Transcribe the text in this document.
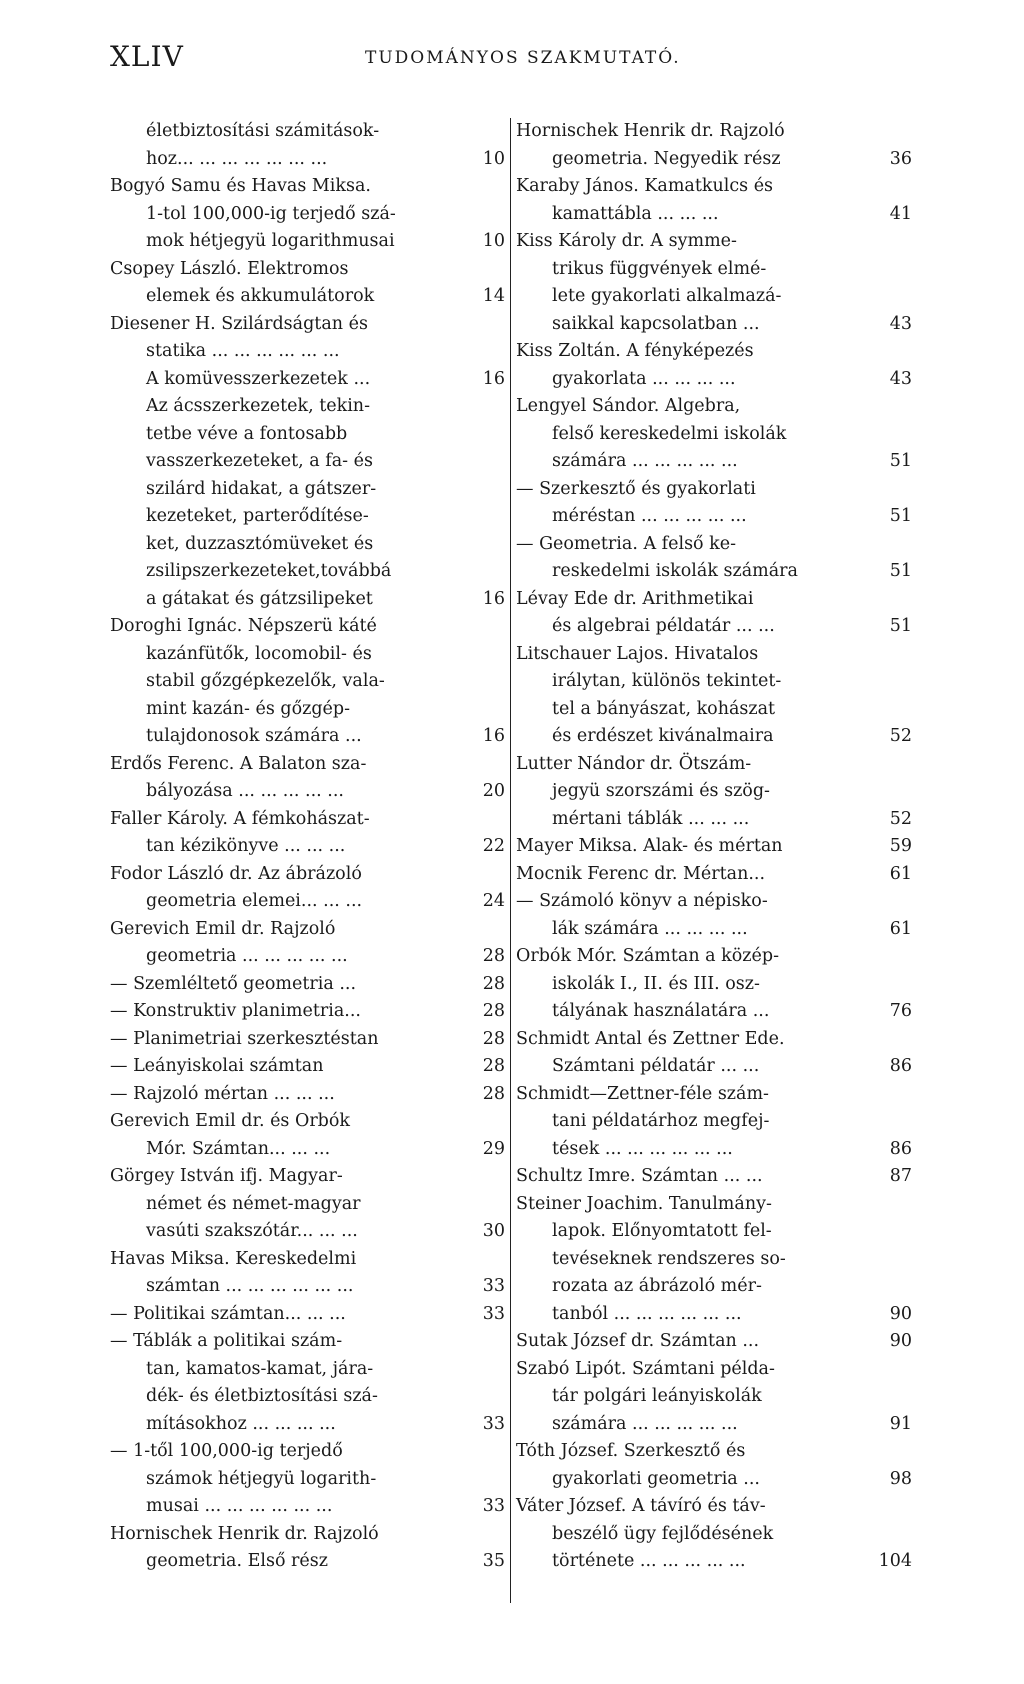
XLIV	TUDOMÁNYOS SZAKMUTATÓ.
életbiztosítási számitások-
hoz... ... ... ... ... ... ...	10
Bogyó Samu és Havas Miksa.
1-tol 100,000-ig terjedő szá-
mok hétjegyü logarithmusai	10
Csopey László. Elektromos
elemek és akkumulátorok	14
Diesener H. Szilárdságtan és
statika ... ... ... ... ... ...
A komüvesszerkezetek ...	16
Az ácsszerkezetek, tekin-
tetbe véve a fontosabb
vasszerkezeteket, a fa- és
szilárd hidakat, a gátszer-
kezeteket, parterődítése-
ket, duzzasztómüveket és
zsilipszerkezeteket,továbbá
a gátakat és gátzsilipeket	16
Doroghi Ignác. Népszerü káté
kazánfütők, locomobil- és
stabil gőzgépkezelők, vala-
mint kazán- és gőzgép-
tulajdonosok számára ...	16
Erdős Ferenc. A Balaton sza-
bályozása ... ... ... ... ...	20
Faller Károly. A fémkohászat-
tan kézikönyve ... ... ...	22
Fodor László dr. Az ábrázoló
geometria elemei... ... ...	24
Gerevich Emil dr. Rajzoló
geometria ... ... ... ... ...	28
— Szemléltető geometria ...	28
— Konstruktiv planimetria...	28
— Planimetriai szerkesztéstan	28
— Leányiskolai számtan	28
— Rajzoló mértan ... ... ...	28
Gerevich Emil dr. és Orbók
Mór. Számtan... ... ...	29
Görgey István ifj. Magyar-
német és német-magyar
vasúti szakszótár... ... ...	30
Havas Miksa. Kereskedelmi
számtan ... ... ... ... ... ...	33
— Politikai számtan... ... ...	33
— Táblák a politikai szám-
tan, kamatos-kamat, jára-
dék- és életbiztosítási szá-
mításokhoz ... ... ... ...	33
— 1-től 100,000-ig terjedő
számok hétjegyü logarith-
musai ... ... ... ... ... ...	33
Hornischek Henrik dr. Rajzoló
geometria. Első rész	35
Hornischek Henrik dr. Rajzoló
geometria. Negyedik rész	36
Karaby János. Kamatkulcs és
kamattábla ... ... ...	41
Kiss Károly dr. A symme-
trikus függvények elmé-
lete gyakorlati alkalmazá-
saikkal kapcsolatban ...	43
Kiss Zoltán. A fényképezés
gyakorlata ... ... ... ...	43
Lengyel Sándor. Algebra,
felső kereskedelmi iskolák
számára ... ... ... ... ...	51
— Szerkesztő és gyakorlati
méréstan ... ... ... ... ...	51
— Geometria. A felső ke-
reskedelmi iskolák számára	51
Lévay Ede dr. Arithmetikai
és algebrai példatár ... ...	51
Litschauer Lajos. Hivatalos
irálytan, különös tekintet-
tel a bányászat, kohászat
és erdészet kivánalmaira	52
Lutter Nándor dr. Ötszám-
jegyü szorszámi és szög-
mértani táblák ... ... ...	52
Mayer Miksa. Alak- és mértan	59
Mocnik Ferenc dr. Mértan...	61
— Számoló könyv a népisko-
lák számára ... ... ... ...	61
Orbók Mór. Számtan a közép-
iskolák I., II. és III. osz-
tályának használatára ...	76
Schmidt Antal és Zettner Ede.
Számtani példatár ... ...	86
Schmidt—Zettner-féle szám-
tani példatárhoz megfej-
tések ... ... ... ... ... ...	86
Schultz Imre. Számtan ... ...	87
Steiner Joachim. Tanulmány-
lapok. Előnyomtatott fel-
tevéseknek rendszeres so-
rozata az ábrázoló mér-
tanból ... ... ... ... ... ...	90
Sutak József dr. Számtan ...	90
Szabó Lipót. Számtani példa-
tár polgári leányiskolák
számára ... ... ... ... ...	91
Tóth József. Szerkesztő és
gyakorlati geometria ...	98
Váter József. A távíró és táv-
beszélő ügy fejlődésének
története ... ... ... ... ...	104
